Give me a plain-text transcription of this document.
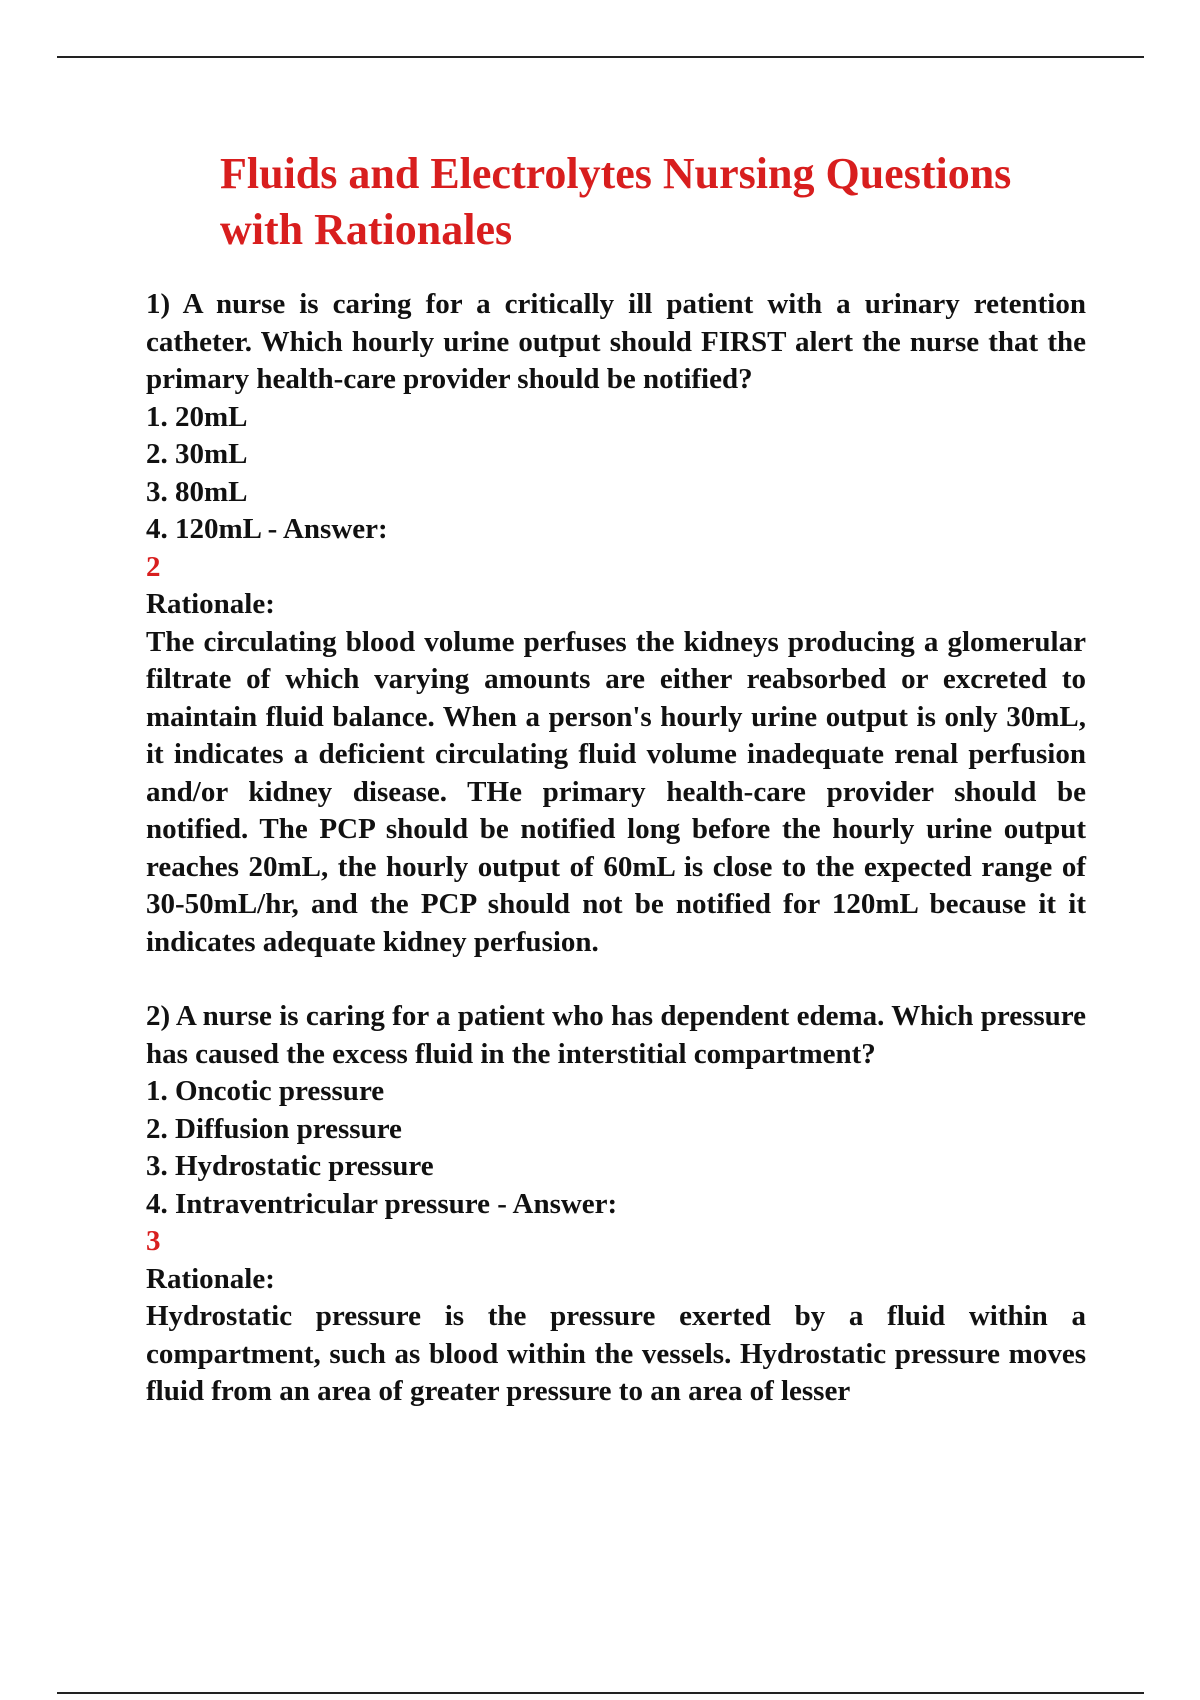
Fluids and Electrolytes Nursing Questions with Rationales

1) A nurse is caring for a critically ill patient with a urinary retention catheter. Which hourly urine output should FIRST alert the nurse that the primary health-care provider should be notified?

1. 20mL

2. 30mL

3. 80mL

4. 120mL - Answer:

2

Rationale:

The circulating blood volume perfuses the kidneys producing a glomerular filtrate of which varying amounts are either reabsorbed or excreted to maintain fluid balance. When a person's hourly urine output is only 30mL, it indicates a deficient circulating fluid volume inadequate renal perfusion and/or kidney disease. THe primary health-care provider should be notified. The PCP should be notified long before the hourly urine output reaches 20mL, the hourly output of 60mL is close to the expected range of 30-50mL/hr, and the PCP should not be notified for 120mL because it it indicates adequate kidney perfusion.

2) A nurse is caring for a patient who has dependent edema. Which pressure has caused the excess fluid in the interstitial compartment?

1. Oncotic pressure

2. Diffusion pressure

3. Hydrostatic pressure

4. Intraventricular pressure - Answer:

3

Rationale:

Hydrostatic pressure is the pressure exerted by a fluid within a compartment, such as blood within the vessels. Hydrostatic pressure moves fluid from an area of greater pressure to an area of lesser
